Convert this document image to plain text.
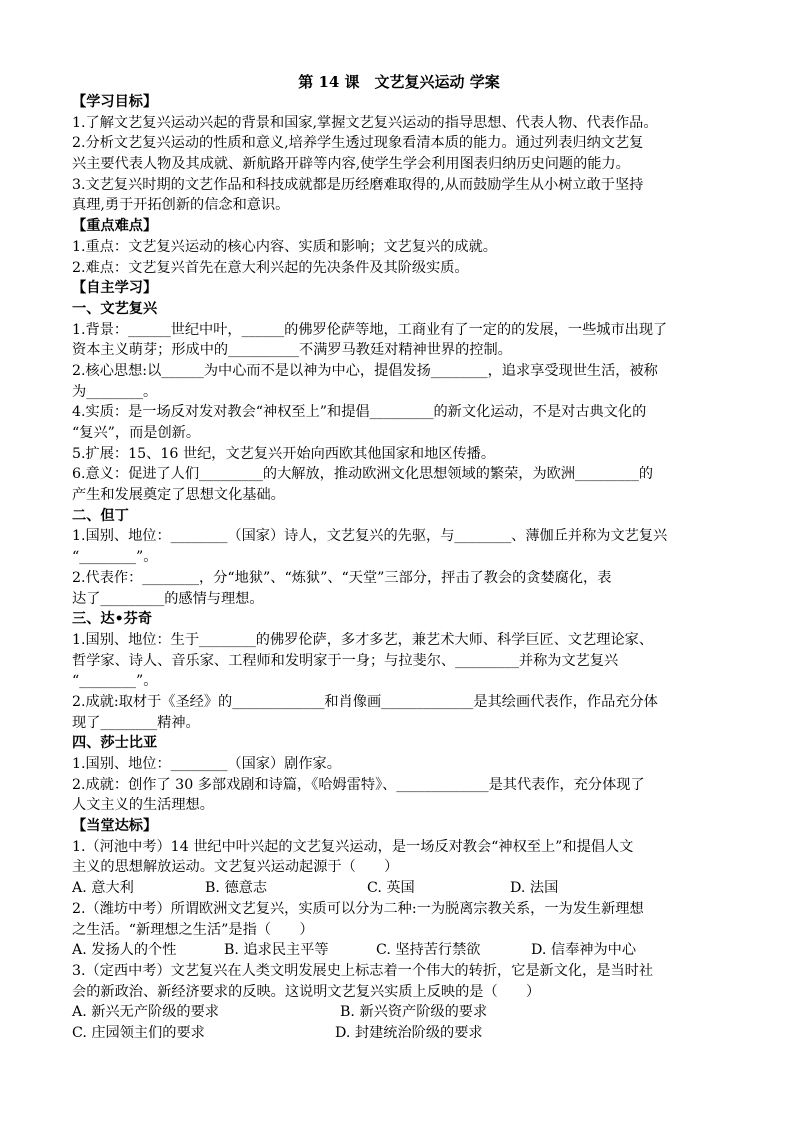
第 14 课　文艺复兴运动 学案
【学习目标】
1.了解文艺复兴运动兴起的背景和国家,掌握文艺复兴运动的指导思想、代表人物、代表作品。
2.分析文艺复兴运动的性质和意义,培养学生透过现象看清本质的能力。通过列表归纳文艺复
兴主要代表人物及其成就、新航路开辟等内容,使学生学会利用图表归纳历史问题的能力。
3.文艺复兴时期的文艺作品和科技成就都是历经磨难取得的,从而鼓励学生从小树立敢于坚持
真理,勇于开拓创新的信念和意识。
【重点难点】
1.重点：文艺复兴运动的核心内容、实质和影响；文艺复兴的成就。
2.难点：文艺复兴首先在意大利兴起的先决条件及其阶级实质。
【自主学习】
一、文艺复兴
1.背景：______世纪中叶，______的佛罗伦萨等地，工商业有了一定的的发展，一些城市出现了
资本主义萌芽；形成中的__________不满罗马教廷对精神世界的控制。
2.核心思想:以______为中心而不是以神为中心，提倡发扬________，追求享受现世生活，被称
为________。
4.实质：是一场反对发对教会“神权至上”和提倡_________的新文化运动，不是对古典文化的
“复兴”，而是创新。
5.扩展：15、16 世纪，文艺复兴开始向西欧其他国家和地区传播。
6.意义：促进了人们_________的大解放，推动欧洲文化思想领域的繁荣，为欧洲_________的
产生和发展奠定了思想文化基础。
二、但丁
1.国别、地位：________（国家）诗人，文艺复兴的先驱，与________、薄伽丘并称为文艺复兴
“________”。
2.代表作：________，分“地狱”、“炼狱”、“天堂”三部分，抨击了教会的贪婪腐化，表
达了_________的感情与理想。
三、达•芬奇
1.国别、地位：生于________的佛罗伦萨，多才多艺，兼艺术大师、科学巨匠、文艺理论家、
哲学家、诗人、音乐家、工程师和发明家于一身；与拉斐尔、_________并称为文艺复兴
“________”。
2.成就:取材于《圣经》的_____________和肖像画_____________是其绘画代表作，作品充分体
现了________精神。
四、莎士比亚
1.国别、地位：________（国家）剧作家。
2.成就：创作了 30 多部戏剧和诗篇，《哈姆雷特》、_____________是其代表作，充分体现了
人文主义的生活理想。
【当堂达标】
1.（河池中考）14 世纪中叶兴起的文艺复兴运动，是一场反对教会“神权至上”和提倡人文
主义的思想解放运动。文艺复兴运动起源于（　　）
A. 意大利	B. 德意志	C. 英国	D. 法国
2.（潍坊中考）所谓欧洲文艺复兴，实质可以分为二种:一为脱离宗教关系，一为发生新理想
之生活。“新理想之生活”是指（　　）
A. 发扬人的个性	B. 追求民主平等	C. 坚持苦行禁欲	D. 信奉神为中心
3.（定西中考）文艺复兴在人类文明发展史上标志着一个伟大的转折，它是新文化，是当时社
会的新政治、新经济要求的反映。这说明文艺复兴实质上反映的是（　　）
A. 新兴无产阶级的要求	B. 新兴资产阶级的要求
C. 庄园领主们的要求	D. 封建统治阶级的要求
